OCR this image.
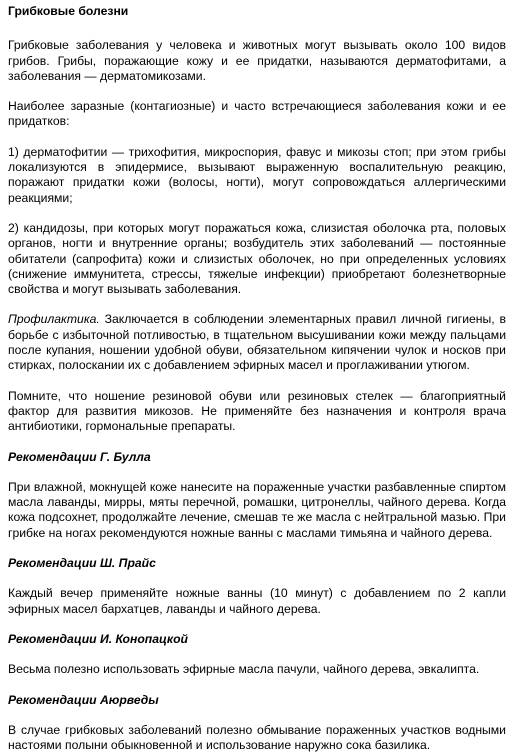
Грибковые болезни

Грибковые заболевания у человека и животных могут вызывать около 100 видов грибов. Грибы, поражающие кожу и ее придатки, называются дерматофитами, а заболевания — дерматомикозами.

Наиболее заразные (контагиозные) и часто встречающиеся заболевания кожи и ее придатков:

1) дерматофитии — трихофития, микроспория, фавус и микозы стоп; при этом грибы локализуются в эпидермисе, вызывают выраженную воспалительную реакцию, поражают придатки кожи (волосы, ногти), могут сопровождаться аллергическими реакциями;

2) кандидозы, при которых могут поражаться кожа, слизистая оболочка рта, половых органов, ногти и внутренние органы; возбудитель этих заболеваний — постоянные обитатели (сапрофита) кожи и слизистых оболочек, но при определенных условиях (снижение иммунитета, стрессы, тяжелые инфекции) приобретают болезнетворные свойства и могут вызывать заболевания.

Профилактика. Заключается в соблюдении элементарных правил личной гигиены, в борьбе с избыточной потливостью, в тщательном высушивании кожи между пальцами после купания, ношении удобной обуви, обязательном кипячении чулок и носков при стирках, полоскании их с добавлением эфирных масел и проглаживании утюгом.

Помните, что ношение резиновой обуви или резиновых стелек — благоприятный фактор для развития микозов. Не применяйте без назначения и контроля врача антибиотики, гормональные препараты.

Рекомендации Г. Булла

При влажной, мокнущей коже нанесите на пораженные участки разбавленные спиртом масла лаванды, мирры, мяты перечной, ромашки, цитронеллы, чайного дерева. Когда кожа подсохнет, продолжайте лечение, смешав те же масла с нейтральной мазью. При грибке на ногах рекомендуются ножные ванны с маслами тимьяна и чайного дерева.

Рекомендации Ш. Прайс

Каждый вечер применяйте ножные ванны (10 минут) с добавлением по 2 капли эфирных масел бархатцев, лаванды и чайного дерева.

Рекомендации И. Конопацкой

Весьма полезно использовать эфирные масла пачули, чайного дерева, эвкалипта.

Рекомендации Аюрведы

В случае грибковых заболеваний полезно обмывание пораженных участков водными настоями полыни обыкновенной и использование наружно сока базилика.
